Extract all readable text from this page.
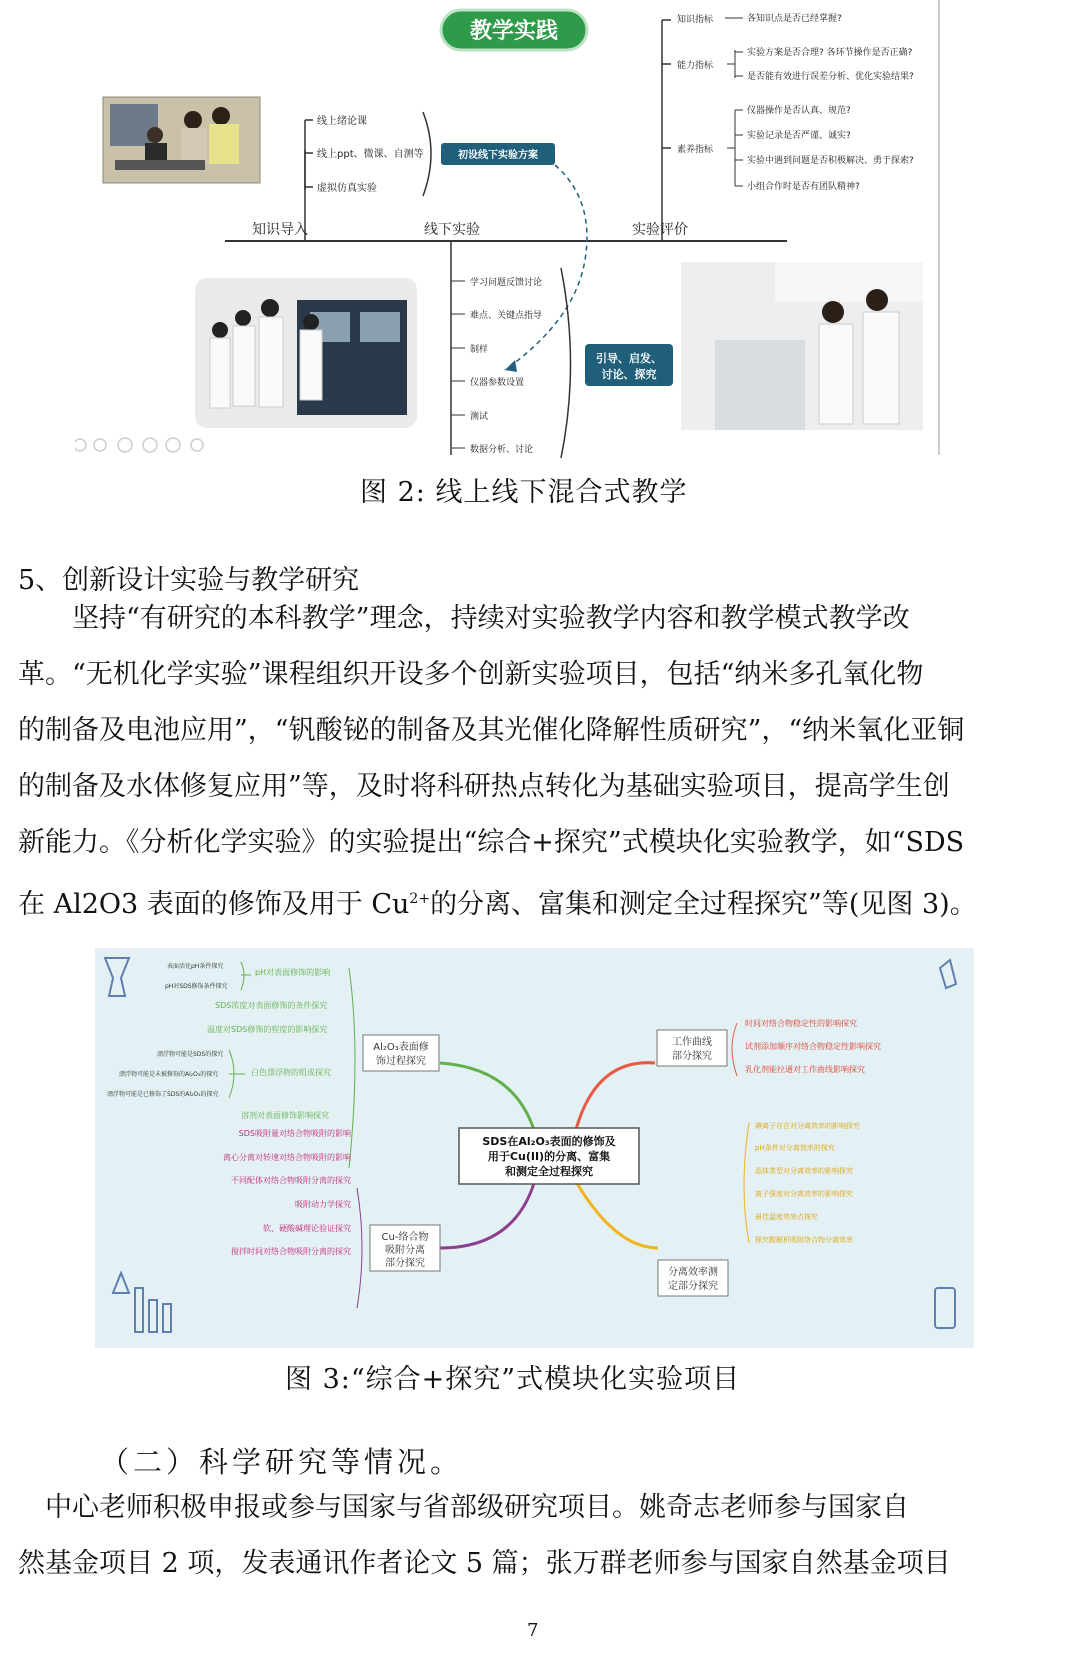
教学实践
知识导入	线下实验	实验评价
线上绪论课
线上ppt、微课、自测等
虚拟仿真实验
初设线下实验方案
知识指标
能力指标
素养指标
各知识点是否已经掌握?
实验方案是否合理? 各环节操作是否正确?
是否能有效进行误差分析、优化实验结果?
仪器操作是否认真、规范?
实验记录是否严谨、诚实?
实验中遇到问题是否积极解决、勇于探索?
小组合作时是否有团队精神?
学习问题反馈讨论
难点、关键点指导
制样
仪器参数设置
测试
数据分析、讨论
引导、启发、
讨论、探究
图 2: 线上线下混合式教学
5、创新设计实验与教学研究
　　坚持“有研究的本科教学”理念，持续对实验教学内容和教学模式教学改
革。“无机化学实验”课程组织开设多个创新实验项目，包括“纳米多孔氧化物
的制备及电池应用”，“钒酸铋的制备及其光催化降解性质研究”，“纳米氧化亚铜
的制备及水体修复应用”等，及时将科研热点转化为基础实验项目，提高学生创
新能力。《分析化学实验》的实验提出“综合+探究”式模块化实验教学，如“SDS
在 Al2O3 表面的修饰及用于 $Cu^{2+}$的分离、富集和测定全过程探究”等(见图 3)。
SDS在Al₂O₃表面的修饰及
用于Cu(II)的分离、富集
和测定全过程探究
Al₂O₃表面修
饰过程探究
pH对表面修饰的影响
SDS浓度对表面修饰的条件探究
温度对SDS修饰的程度的影响探究
白色漂浮物的组成探究
溶剂对表面修饰影响探究
表面活化pH条件探究
pH对SDS修饰条件探究
漂浮物可能是SDS的探究
漂浮物可能是未被修饰的Al₂O₃的探究
漂浮物可能是已修饰了SDS的Al₂O₃的探究
工作曲线
部分探究
时间对络合物稳定性的影响探究
试剂添加顺序对络合物稳定性影响探究
乳化剂能拉通对工作曲线影响探究
Cu-络合物
吸附分离
部分探究
SDS吸附量对络合物吸附的影响
离心分离对转速对络合物吸附的影响
不同配体对络合物吸附分离的探究
吸附动力学探究
软、硬酸碱理论验证探究
搅拌时间对络合物吸附分离的探究
分离效率测
定部分探究
碘离子存在对分离效率的影响探究
pH条件对分离效率的探究
晶体类型对分离效率的影响探究
离子强度对分离效率的影响探究
最佳温度效率点探究
探究酸解析吸附络合物分离效率
图 3:“综合+探究”式模块化实验项目
（二）科学研究等情况。
　中心老师积极申报或参与国家与省部级研究项目。姚奇志老师参与国家自
然基金项目 2 项，发表通讯作者论文 5 篇；张万群老师参与国家自然基金项目
7
